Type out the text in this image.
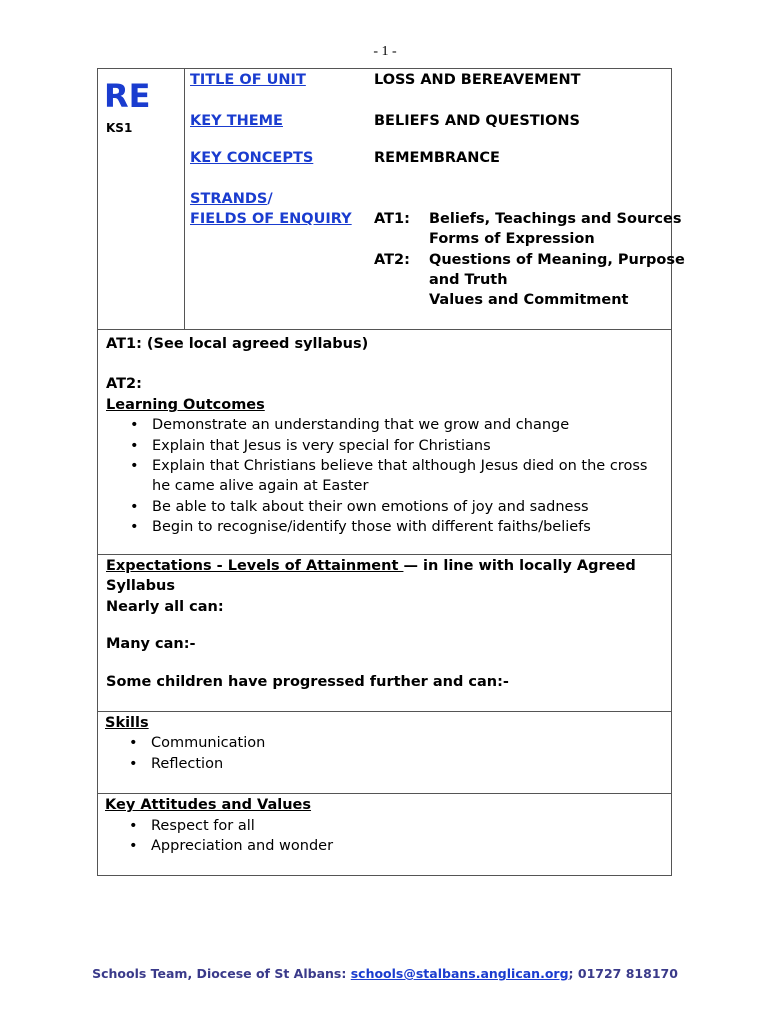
- 1 -
RE
KS1
TITLE OF UNIT	LOSS AND BEREAVEMENT
KEY THEME	BELIEFS AND QUESTIONS
KEY CONCEPTS	REMEMBRANCE
STRANDS/
FIELDS OF ENQUIRY AT1: Beliefs, Teachings and Sources
Forms of Expression
AT2: Questions of Meaning, Purpose
and Truth
Values and Commitment
AT1: (See local agreed syllabus)
AT2:
Learning Outcomes
• Demonstrate an understanding that we grow and change
• Explain that Jesus is very special for Christians
• Explain that Christians believe that although Jesus died on the cross
he came alive again at Easter
• Be able to talk about their own emotions of joy and sadness
• Begin to recognise/identify those with different faiths/beliefs
Expectations - Levels of Attainment — in line with locally Agreed
Syllabus
Nearly all can:
Many can:-
Some children have progressed further and can:-
Skills
• Communication
• Reflection
Key Attitudes and Values
• Respect for all
• Appreciation and wonder
Schools Team, Diocese of St Albans: schools@stalbans.anglican.org; 01727 818170
